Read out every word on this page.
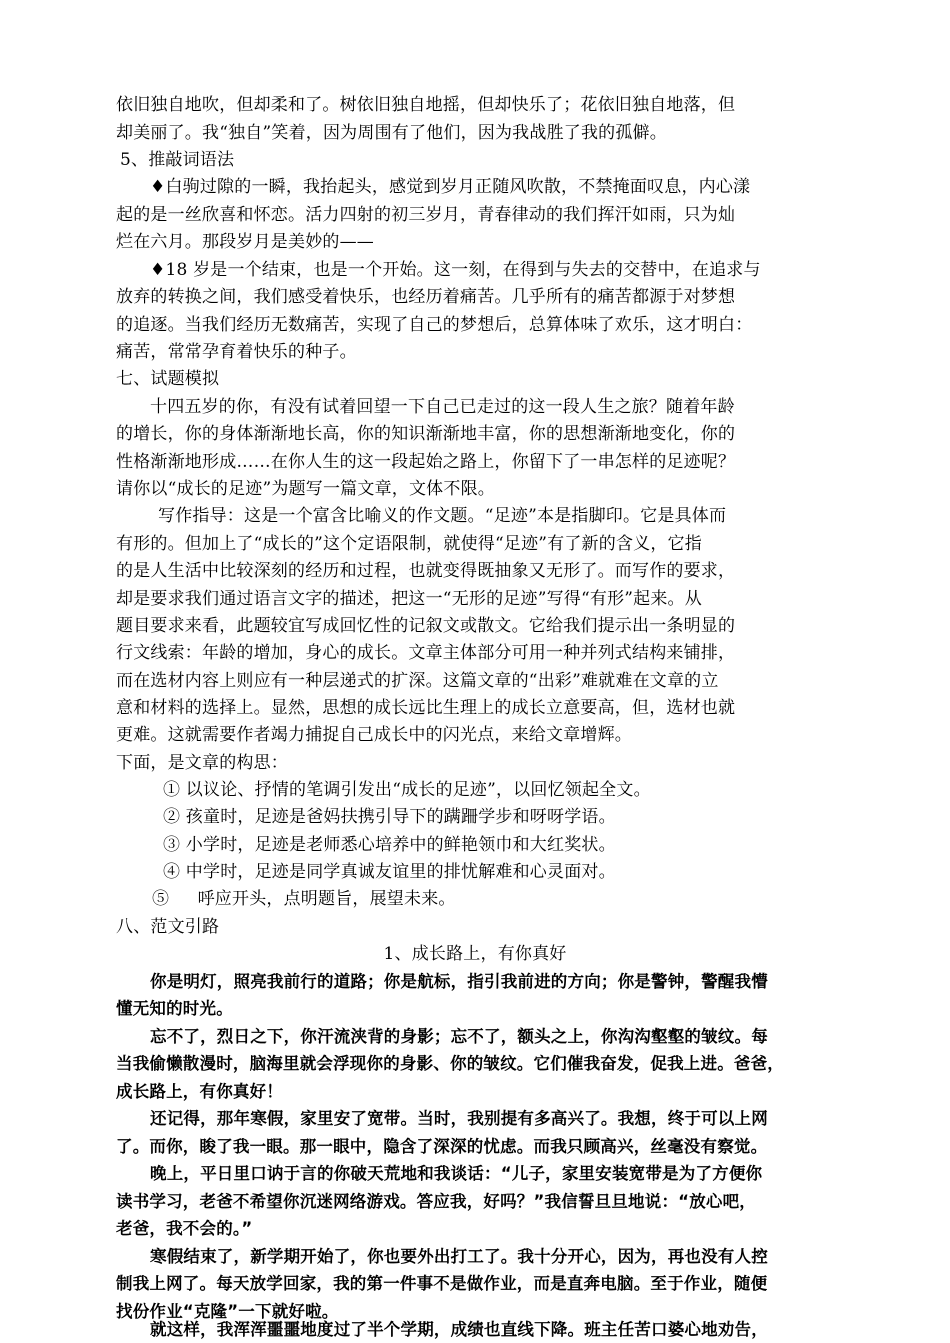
依旧独自地吹，但却柔和了。树依旧独自地摇，但却快乐了；花依旧独自地落，但
却美丽了。我“独自”笑着，因为周围有了他们，因为我战胜了我的孤僻。
5、推敲词语法
♦白驹过隙的一瞬，我抬起头，感觉到岁月正随风吹散，不禁掩面叹息，内心漾
起的是一丝欣喜和怀恋。活力四射的初三岁月，青春律动的我们挥汗如雨，只为灿
烂在六月。那段岁月是美妙的——
♦18 岁是一个结束，也是一个开始。这一刻，在得到与失去的交替中，在追求与
放弃的转换之间，我们感受着快乐，也经历着痛苦。几乎所有的痛苦都源于对梦想
的追逐。当我们经历无数痛苦，实现了自己的梦想后，总算体味了欢乐，这才明白：
痛苦，常常孕育着快乐的种子。
七、试题模拟
十四五岁的你，有没有试着回望一下自己已走过的这一段人生之旅？随着年龄
的增长，你的身体渐渐地长高，你的知识渐渐地丰富，你的思想渐渐地变化，你的
性格渐渐地形成……在你人生的这一段起始之路上，你留下了一串怎样的足迹呢？
请你以“成长的足迹”为题写一篇文章，文体不限。
写作指导：这是一个富含比喻义的作文题。“足迹”本是指脚印。它是具体而
有形的。但加上了“成长的”这个定语限制，就使得“足迹”有了新的含义，它指
的是人生活中比较深刻的经历和过程，也就变得既抽象又无形了。而写作的要求，
却是要求我们通过语言文字的描述，把这一“无形的足迹”写得“有形”起来。从
题目要求来看，此题较宜写成回忆性的记叙文或散文。它给我们提示出一条明显的
行文线索：年龄的增加，身心的成长。文章主体部分可用一种并列式结构来铺排，
而在选材内容上则应有一种层递式的扩深。这篇文章的“出彩”难就难在文章的立
意和材料的选择上。显然，思想的成长远比生理上的成长立意要高，但，选材也就
更难。这就需要作者竭力捕捉自己成长中的闪光点，来给文章增辉。
下面，是文章的构思：
① 以议论、抒情的笔调引发出“成长的足迹”，以回忆领起全文。
② 孩童时，足迹是爸妈扶携引导下的蹒跚学步和呀呀学语。
③ 小学时，足迹是老师悉心培养中的鲜艳领巾和大红奖状。
④ 中学时，足迹是同学真诚友谊里的排忧解难和心灵面对。
⑤ 　 呼应开头，点明题旨，展望未来。
八、范文引路
1、成长路上，有你真好
你是明灯，照亮我前行的道路；你是航标，指引我前进的方向；你是警钟，警醒我懵
懂无知的时光。
忘不了，烈日之下，你汗流浃背的身影；忘不了，额头之上，你沟沟壑壑的皱纹。每
当我偷懒散漫时，脑海里就会浮现你的身影、你的皱纹。它们催我奋发，促我上进。爸爸，
成长路上，有你真好！
还记得，那年寒假，家里安了宽带。当时，我别提有多高兴了。我想，终于可以上网
了。而你，睃了我一眼。那一眼中，隐含了深深的忧虑。而我只顾高兴，丝毫没有察觉。
晚上，平日里口讷于言的你破天荒地和我谈话：“儿子，家里安装宽带是为了方便你
读书学习，老爸不希望你沉迷网络游戏。答应我，好吗？”我信誓旦旦地说：“放心吧，
老爸，我不会的。”
寒假结束了，新学期开始了，你也要外出打工了。我十分开心，因为，再也没有人控
制我上网了。每天放学回家，我的第一件事不是做作业，而是直奔电脑。至于作业，随便
找份作业“克隆”一下就好啦。
就这样，我浑浑噩噩地度过了半个学期，成绩也直线下降。班主任苦口婆心地劝告，
